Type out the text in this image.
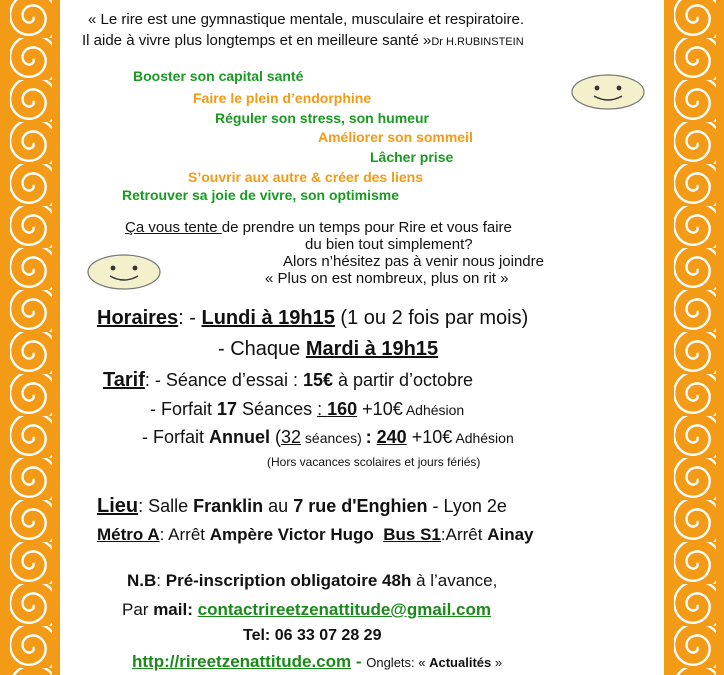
« Le rire est une gymnastique mentale, musculaire et respiratoire.
Il aide à vivre plus longtemps et en meilleure santé »Dr H.RUBINSTEIN
Booster son capital santé
Faire le plein d’endorphine
Réguler son stress, son humeur
Améliorer son sommeil
Lâcher prise
S’ouvrir aux autre & créer des liens
Retrouver sa joie de vivre, son optimisme
Ça vous tente de prendre un temps pour Rire et vous faire
du bien tout simplement?
Alors n’hésitez pas à venir nous joindre
« Plus on est nombreux, plus on rit »
Horaires: - Lundi à 19h15 (1 ou 2 fois par mois)
- Chaque Mardi à 19h15
Tarif: - Séance d’essai : 15€ à partir d’octobre
- Forfait 17 Séances : 160 +10€ Adhésion
- Forfait Annuel (32 séances) : 240 +10€ Adhésion
(Hors vacances scolaires et jours fériés)
Lieu: Salle Franklin au 7 rue d'Enghien - Lyon 2e
Métro A: Arrêt Ampère Victor Hugo Bus S1:Arrêt Ainay
N.B: Pré-inscription obligatoire 48h à l’avance,
Par mail: contactrireetzenattitude@gmail.com
Tel: 06 33 07 28 29
http://rireetzenattitude.com - Onglets: « Actualités »
